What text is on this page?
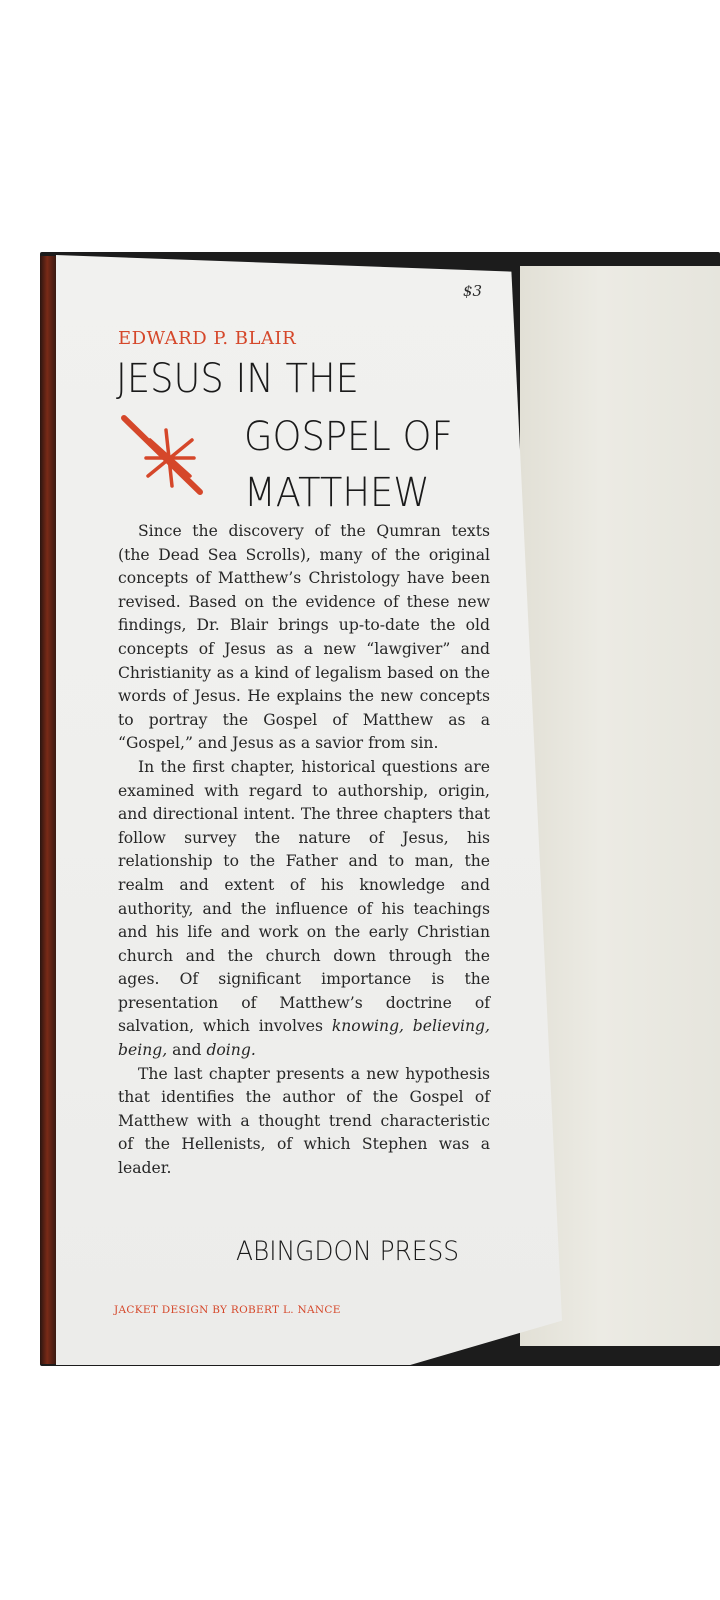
$3
EDWARD P. BLAIR
JESUS IN THE
GOSPEL OF
MATTHEW

Since the discovery of the Qumran texts (the Dead Sea Scrolls), many of the original concepts of Matthew’s Christology have been revised. Based on the evidence of these new findings, Dr. Blair brings up-to-date the old concepts of Jesus as a new “lawgiver” and Christianity as a kind of legalism based on the words of Jesus. He explains the new concepts to portray the Gospel of Matthew as a “Gospel,” and Jesus as a savior from sin.

In the first chapter, historical questions are examined with regard to authorship, origin, and directional intent. The three chapters that follow survey the nature of Jesus, his relationship to the Father and to man, the realm and extent of his knowledge and authority, and the influence of his teachings and his life and work on the early Christian church and the church down through the ages. Of significant importance is the presentation of Matthew’s doctrine of salvation, which involves knowing, believing, being, and doing.

The last chapter presents a new hypothesis that identifies the author of the Gospel of Matthew with a thought trend characteristic of the Hellenists, of which Stephen was a leader.

ABINGDON PRESS
JACKET DESIGN BY ROBERT L. NANCE
